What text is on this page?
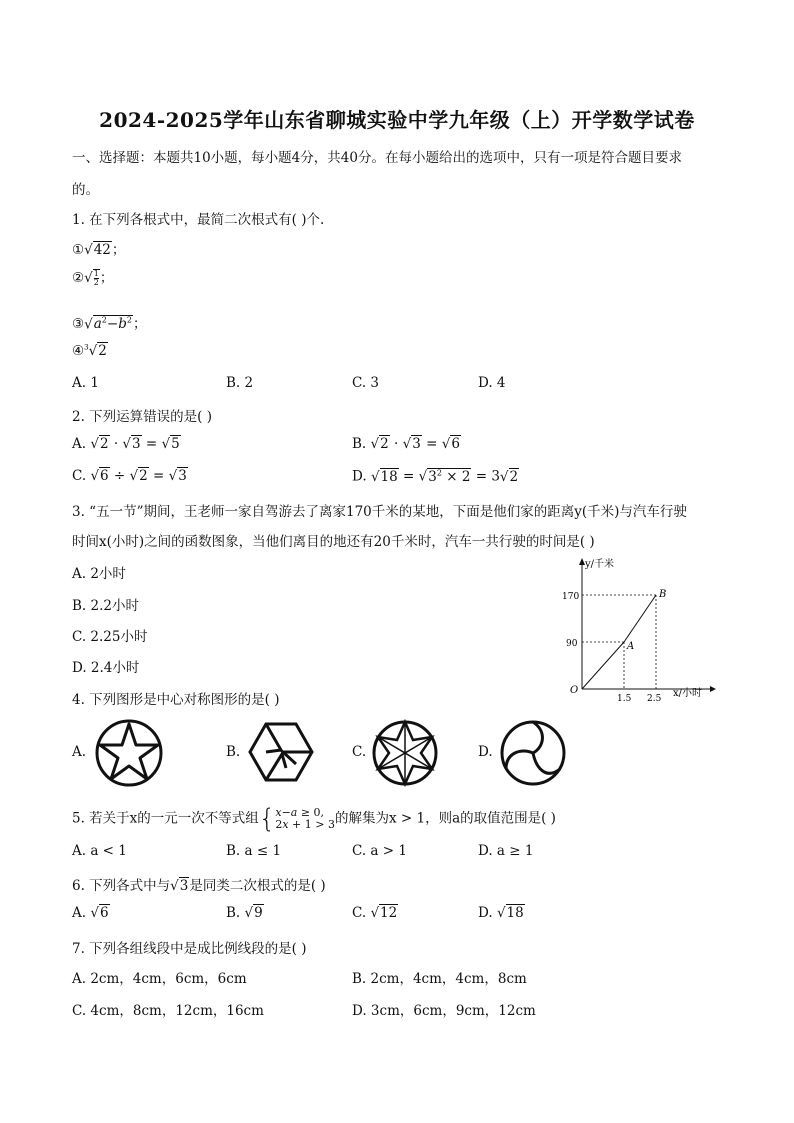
2024-2025学年山东省聊城实验中学九年级（上）开学数学试卷
一、选择题：本题共10小题，每小题4分，共40分。在每小题给出的选项中，只有一项是符合题目要求
的。
1. 在下列各根式中，最简二次根式有( )个.
①√42；
②√ $\frac{1}{2}$ ；
$③√a^2-b^2$；
④$^3$√2
A. 1	B. 2	C. 3	D. 4
2. 下列运算错误的是( )
A. √2 · √3 = √5	B. √2 · √3 = √6
C. √6 ÷ √2 = √3	D. $√18 = √3^2 \times 2 = 3√2$
3. “五一节”期间，王老师一家自驾游去了离家170千米的某地，下面是他们家的距离y(千米)与汽车行驶
时间x(小时)之间的函数图象，当他们离目的地还有20千米时，汽车一共行驶的时间是( )
A. 2小时
B. 2.2小时
C. 2.25小时
D. 2.4小时
y/千米
x/小时
O
A
B
170
90
1.5 2.5
4. 下列图形是中心对称图形的是( )
A.	B.	C.	D.
5. 若关于x的一元一次不等式组{x−a ≥ 0,
2x + 1 > 3的解集为x > 1，则a的取值范围是( )
A. a < 1	B. a ≤ 1	C. a > 1	D. a ≥ 1
6. 下列各式中与√3是同类二次根式的是( )
A. √6	B. √9	C. √12	D. √18
7. 下列各组线段中是成比例线段的是( )
A. 2cm，4cm，6cm，6cm	B. 2cm，4cm，4cm，8cm
C. 4cm，8cm，12cm，16cm	D. 3cm，6cm，9cm，12cm
